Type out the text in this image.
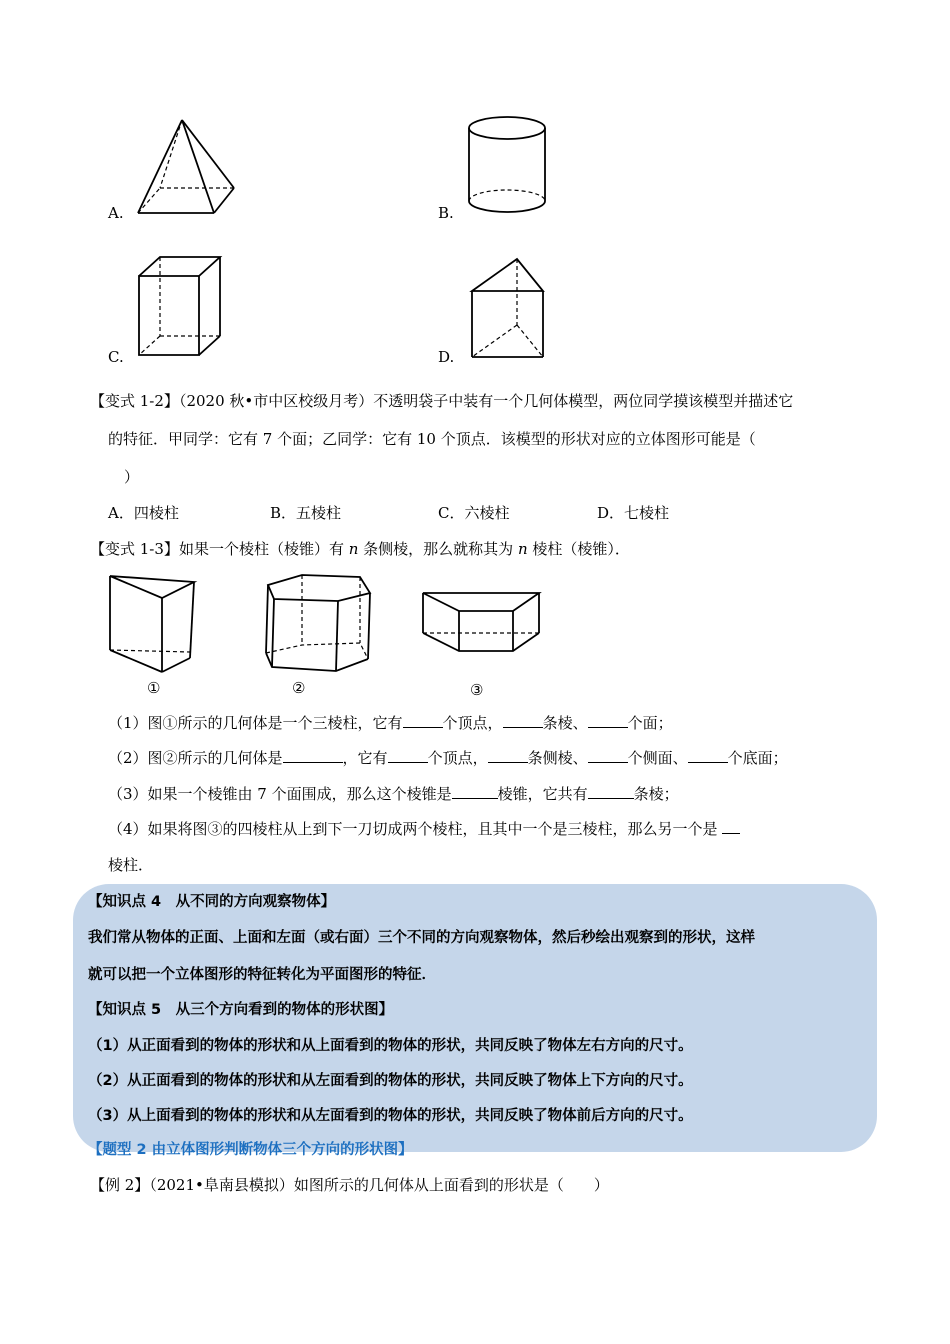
A.	B.
C.	D.
【变式 1-2】（2020 秋•市中区校级月考）不透明袋子中装有一个几何体模型，两位同学摸该模型并描述它
的特征．甲同学：它有 7 个面；乙同学：它有 10 个顶点．该模型的形状对应的立体图形可能是（
）
A．四棱柱	B．五棱柱	C．六棱柱	D．七棱柱
【变式 1-3】如果一个棱柱（棱锥）有 n 条侧棱，那么就称其为 n 棱柱（棱锥）．
①	②	③
（1）图①所示的几何体是一个三棱柱，它有	个顶点，	条棱、	个面；
（2）图②所示的几何体是	，它有	个顶点，	条侧棱、	个侧面、	个底面；
（3）如果一个棱锥由 7 个面围成，那么这个棱锥是	棱锥，它共有	条棱；
（4）如果将图③的四棱柱从上到下一刀切成两个棱柱，且其中一个是三棱柱，那么另一个是
棱柱．
【知识点 4　从不同的方向观察物体】
我们常从物体的正面、上面和左面（或右面）三个不同的方向观察物体，然后秒绘出观察到的形状，这样
就可以把一个立体图形的特征转化为平面图形的特征．
【知识点 5　从三个方向看到的物体的形状图】
（1）从正面看到的物体的形状和从上面看到的物体的形状，共同反映了物体左右方向的尺寸。
（2）从正面看到的物体的形状和从左面看到的物体的形状，共同反映了物体上下方向的尺寸。
（3）从上面看到的物体的形状和从左面看到的物体的形状，共同反映了物体前后方向的尺寸。
【题型 2 由立体图形判断物体三个方向的形状图】
【例 2】（2021•阜南县模拟）如图所示的几何体从上面看到的形状是（　　）
